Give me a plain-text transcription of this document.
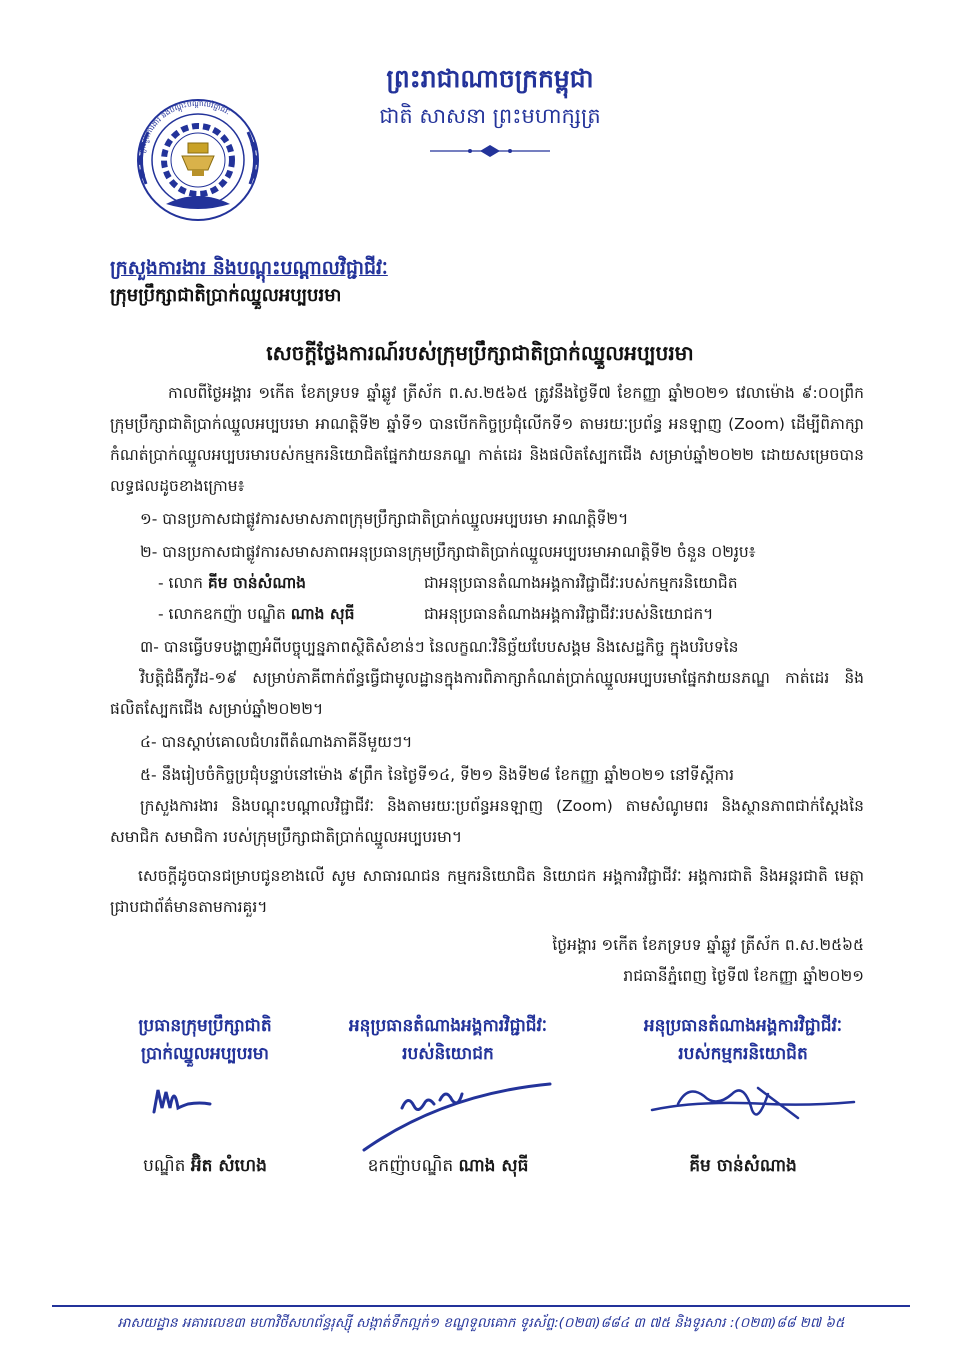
ក្រសួងការងារ និងបណ្តុះបណ្តាលវិជ្ជាជីវៈ
ព្រះរាជាណាចក្រកម្ពុជា
ជាតិ សាសនា ព្រះមហាក្សត្រ
ក្រសួងការងារ និងបណ្តុះបណ្តាលវិជ្ជាជីវៈ
ក្រុមប្រឹក្សាជាតិប្រាក់ឈ្នួលអប្បបរមា
សេចក្តីថ្លែងការណ៍របស់ក្រុមប្រឹក្សាជាតិប្រាក់ឈ្នួលអប្បបរមា

កាលពីថ្ងៃអង្គារ ១កើត ខែភទ្របទ ឆ្នាំឆ្លូវ ត្រីស័ក ព.ស.២៥៦៥ ត្រូវនឹងថ្ងៃទី៧ ខែកញ្ញា ឆ្នាំ២០២១ វេលាម៉ោង ៩:០០ព្រឹក ក្រុមប្រឹក្សាជាតិប្រាក់ឈ្នួលអប្បបរមា អាណត្តិទី២ ឆ្នាំទី១ បានបើកកិច្ចប្រជុំលើកទី១ តាមរយៈប្រព័ន្ធ អនឡាញ (Zoom) ដើម្បីពិភាក្សាកំណត់ប្រាក់ឈ្នួលអប្បបរមារបស់កម្មករនិយោជិតផ្នែកវាយនភណ្ឌ កាត់ដេរ និងផលិតស្បែកជើង សម្រាប់ឆ្នាំ២០២២ ដោយសម្រេចបានលទ្ធផលដូចខាងក្រោម៖

១- បានប្រកាសជាផ្លូវការសមាសភាពក្រុមប្រឹក្សាជាតិប្រាក់ឈ្នួលអប្បបរមា អាណត្តិទី២។

២- បានប្រកាសជាផ្លូវការសមាសភាពអនុប្រធានក្រុមប្រឹក្សាជាតិប្រាក់ឈ្នួលអប្បបរមាអាណត្តិទី២ ចំនួន ០២រូប៖

- លោក គីម ចាន់សំណាង	ជាអនុប្រធានតំណាងអង្គការវិជ្ជាជីវៈរបស់កម្មករនិយោជិត
- លោកឧកញ៉ា បណ្ឌិត ណាង សុធី	ជាអនុប្រធានតំណាងអង្គការវិជ្ជាជីវៈរបស់និយោជក។

៣- បានធ្វើបទបង្ហាញអំពីបច្ចុប្បន្នភាពស្ថិតិសំខាន់ៗ នៃលក្ខណៈវិនិច្ឆ័យបែបសង្គម និងសេដ្ឋកិច្ច ក្នុងបរិបទនៃ

វិបត្តិជំងឺកូវីដ-១៩ សម្រាប់ភាគីពាក់ព័ន្ធធ្វើជាមូលដ្ឋានក្នុងការពិភាក្សាកំណត់ប្រាក់ឈ្នួលអប្បបរមាផ្នែកវាយនភណ្ឌ កាត់ដេរ និងផលិតស្បែកជើង សម្រាប់ឆ្នាំ២០២២។

៤- បានស្តាប់គោលជំហរពីតំណាងភាគីនីមួយៗ។

៥- នឹងរៀបចំកិច្ចប្រជុំបន្ទាប់នៅម៉ោង ៩ព្រឹក នៃថ្ងៃទី១៤, ទី២១ និងទី២៨ ខែកញ្ញា ឆ្នាំ២០២១ នៅទីស្តីការ

ក្រសួងការងារ និងបណ្តុះបណ្តាលវិជ្ជាជីវៈ និងតាមរយៈប្រព័ន្ធអនឡាញ (Zoom) តាមសំណូមពរ និងស្ថានភាពជាក់ស្តែងនៃសមាជិក សមាជិកា របស់ក្រុមប្រឹក្សាជាតិប្រាក់ឈ្នួលអប្បបរមា។

សេចក្តីដូចបានជម្រាបជូនខាងលើ សូម សាធារណជន កម្មករនិយោជិត និយោជក អង្គការវិជ្ជាជីវៈ អង្គការជាតិ និងអន្តរជាតិ មេត្តាជ្រាបជាព័ត៌មានតាមការគួរ។

ថ្ងៃអង្គារ ១កើត ខែភទ្របទ ឆ្នាំឆ្លូវ ត្រីស័ក ព.ស.២៥៦៥
រាជធានីភ្នំពេញ ថ្ងៃទី៧ ខែកញ្ញា ឆ្នាំ២០២១
ប្រធានក្រុមប្រឹក្សាជាតិ
ប្រាក់ឈ្នួលអប្បបរមា
បណ្ឌិត អ៊ិត សំហេង
អនុប្រធានតំណាងអង្គការវិជ្ជាជីវៈ
របស់និយោជក
ឧកញ៉ាបណ្ឌិត ណាង សុធី
អនុប្រធានតំណាងអង្គការវិជ្ជាជីវៈ
របស់កម្មករនិយោជិត
គីម ចាន់សំណាង
អាសយដ្ឋាន អគារលេខ៣ មហាវិថីសហព័ន្ធរុស្ស៊ី សង្កាត់ទឹកល្អក់១ ខណ្ឌទួលគោក ទូរស័ព្ទ:(០២៣)៨៨៤ ៣ ៧៥ និងទូរសារ :(០២៣)៨៨ ២៧ ៦៥
